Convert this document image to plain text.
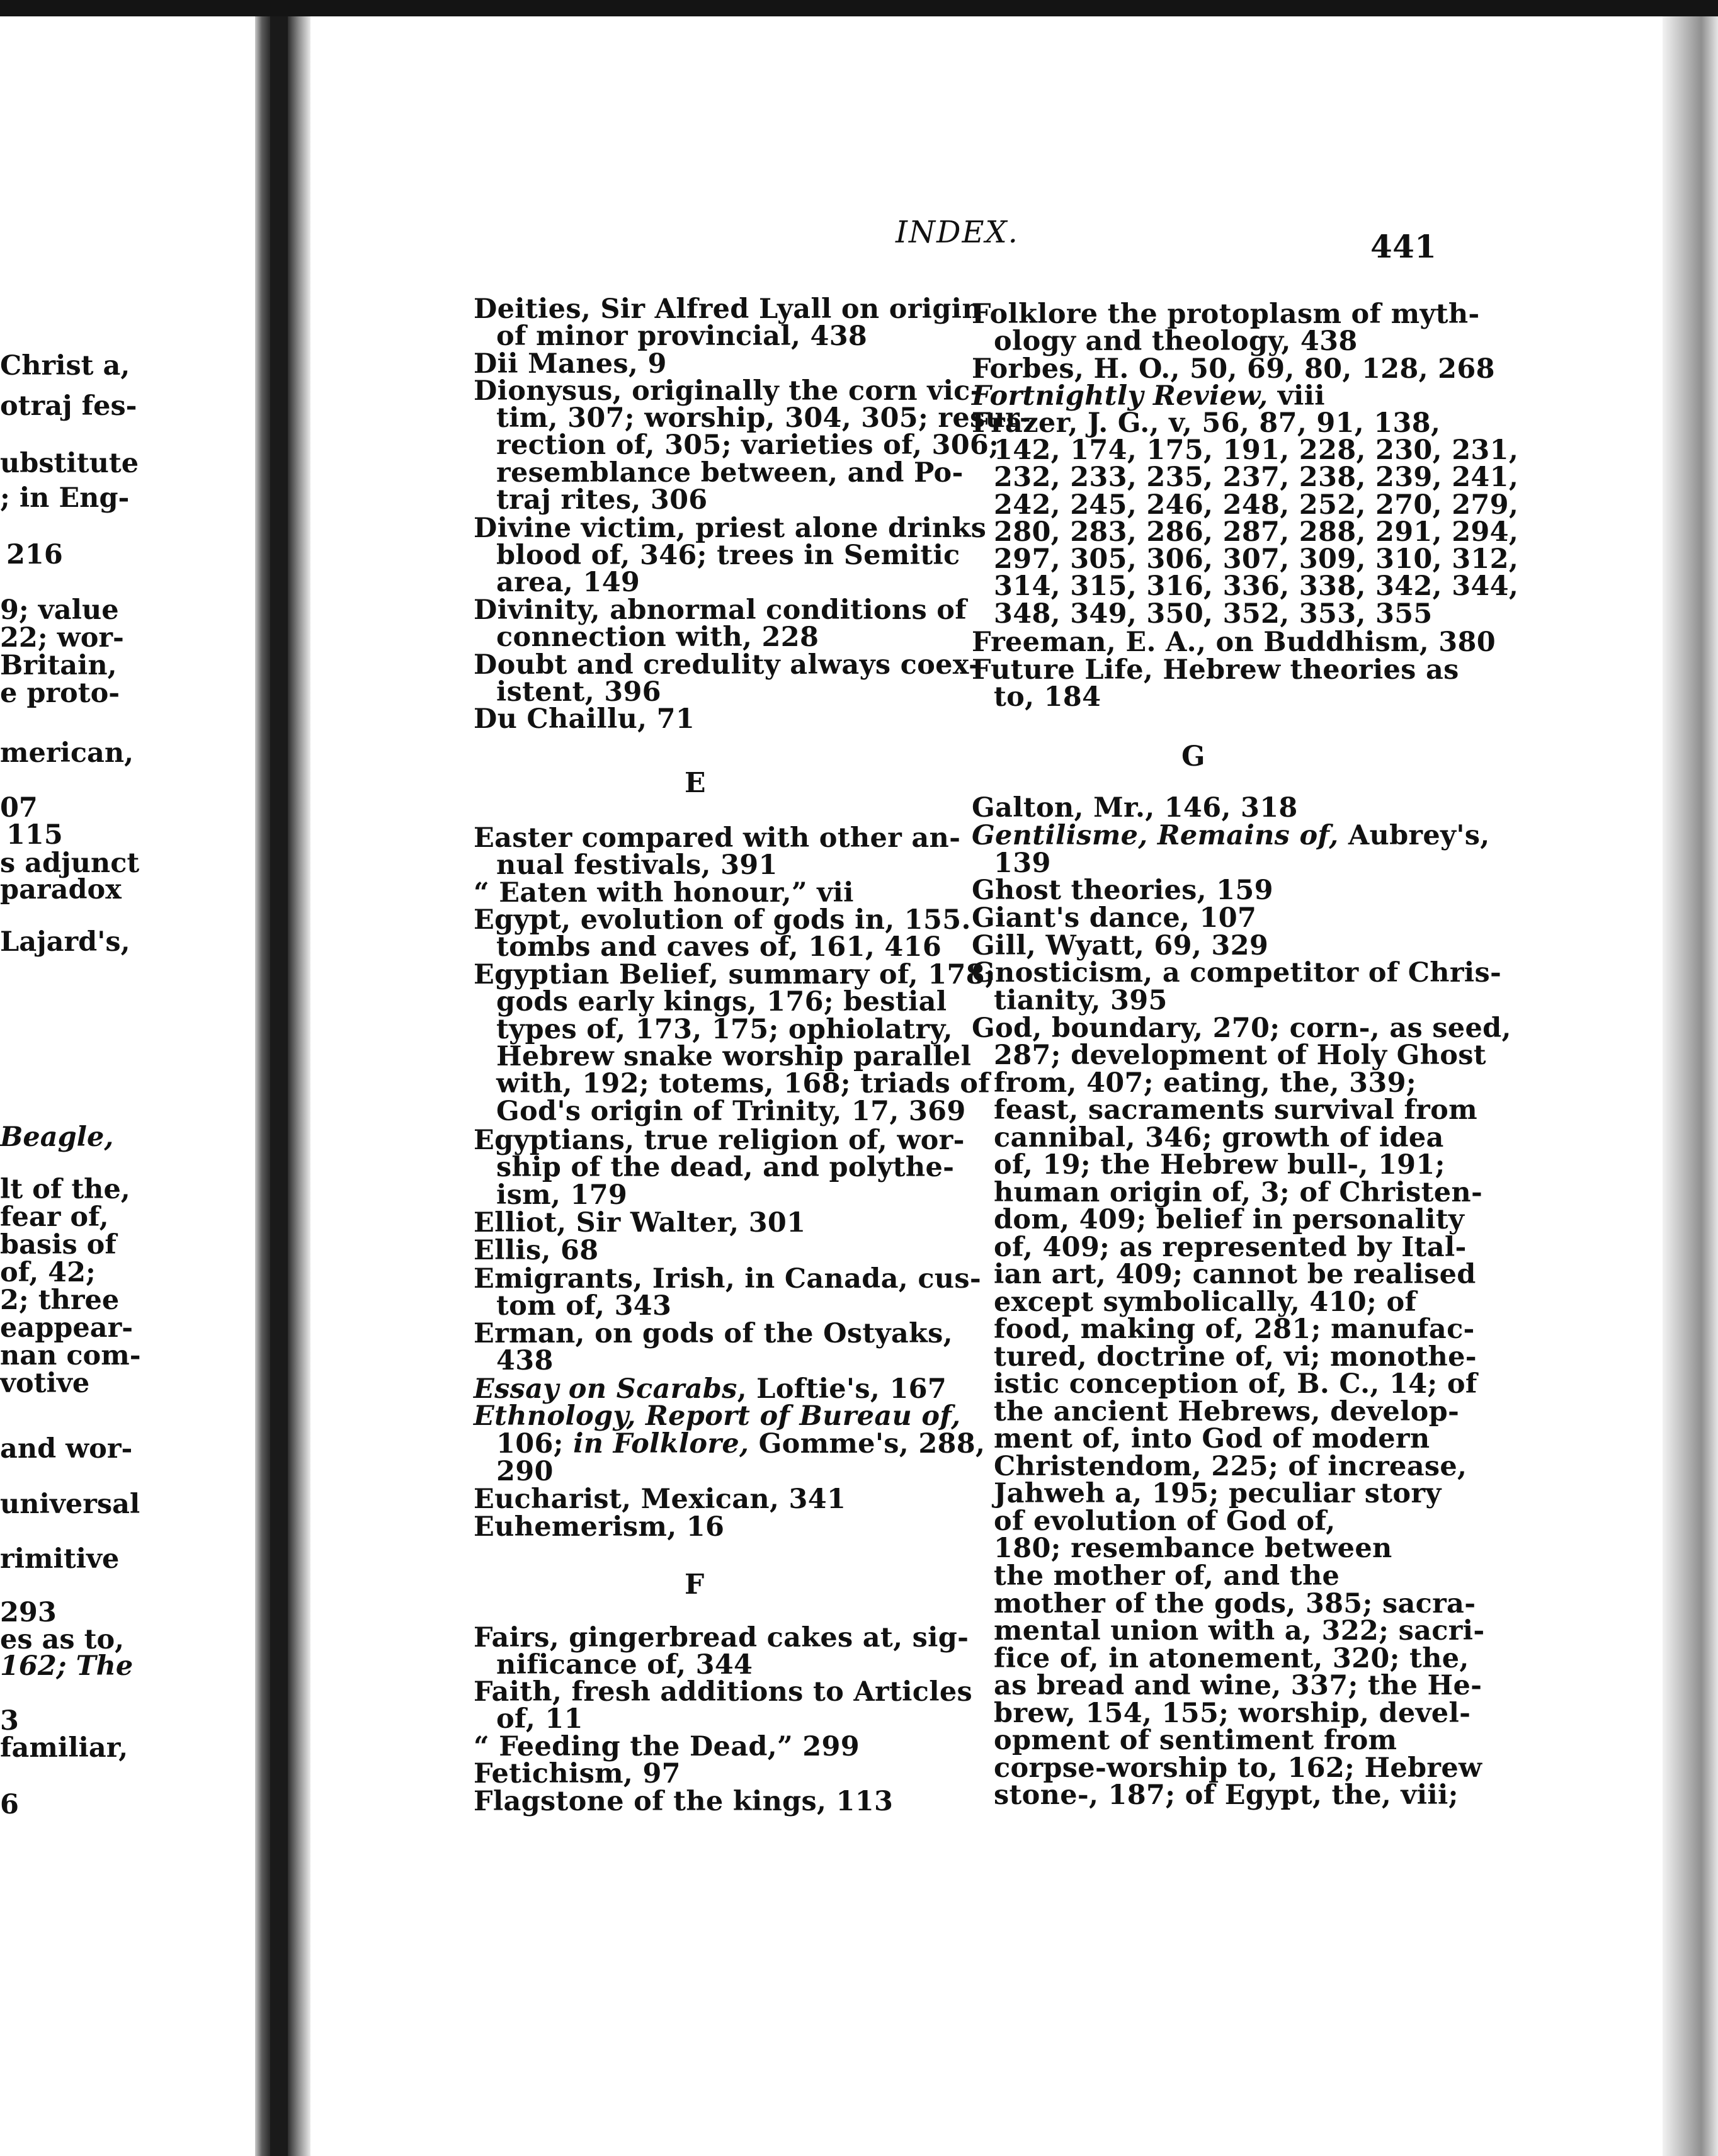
Christ a,
otraj fes-
ubstitute
; in Eng-
216
9; value
22; wor-
Britain,
e proto-
merican,
07
115
s adjunct
paradox
Lajard's,
Beagle,
lt of the,
fear of,
basis of
of, 42;
2; three
eappear-
nan com-
votive
and wor-
universal
rimitive
293
es as to,
162; The
3
familiar,
6
INDEX.	441
Deities, Sir Alfred Lyall on origin
of minor provincial, 438
Dii Manes, 9
Dionysus, originally the corn vic-
tim, 307; worship, 304, 305; resur-
rection of, 305; varieties of, 306;
resemblance between, and Po-
traj rites, 306
Divine victim, priest alone drinks
blood of, 346; trees in Semitic
area, 149
Divinity, abnormal conditions of
connection with, 228
Doubt and credulity always coex-
istent, 396
Du Chaillu, 71
E
Easter compared with other an-
nual festivals, 391
“ Eaten with honour,” vii
Egypt, evolution of gods in, 155.
tombs and caves of, 161, 416
Egyptian Belief, summary of, 178;
gods early kings, 176; bestial
types of, 173, 175; ophiolatry,
Hebrew snake worship parallel
with, 192; totems, 168; triads of
God's origin of Trinity, 17, 369
Egyptians, true religion of, wor-
ship of the dead, and polythe-
ism, 179
Elliot, Sir Walter, 301
Ellis, 68
Emigrants, Irish, in Canada, cus-
tom of, 343
Erman, on gods of the Ostyaks,
438
Essay on Scarabs, Loftie's, 167
Ethnology, Report of Bureau of,
106; in Folklore, Gomme's, 288,
290
Eucharist, Mexican, 341
Euhemerism, 16
F
Fairs, gingerbread cakes at, sig-
nificance of, 344
Faith, fresh additions to Articles
of, 11
“ Feeding the Dead,” 299
Fetichism, 97
Flagstone of the kings, 113
Folklore the protoplasm of myth-
ology and theology, 438
Forbes, H. O., 50, 69, 80, 128, 268
Fortnightly Review, viii
Frazer, J. G., v, 56, 87, 91, 138,
142, 174, 175, 191, 228, 230, 231,
232, 233, 235, 237, 238, 239, 241,
242, 245, 246, 248, 252, 270, 279,
280, 283, 286, 287, 288, 291, 294,
297, 305, 306, 307, 309, 310, 312,
314, 315, 316, 336, 338, 342, 344,
348, 349, 350, 352, 353, 355
Freeman, E. A., on Buddhism, 380
Future Life, Hebrew theories as
to, 184
G
Galton, Mr., 146, 318
Gentilisme, Remains of, Aubrey's,
139
Ghost theories, 159
Giant's dance, 107
Gill, Wyatt, 69, 329
Gnosticism, a competitor of Chris-
tianity, 395
God, boundary, 270; corn-, as seed,
287; development of Holy Ghost
from, 407; eating, the, 339;
feast, sacraments survival from
cannibal, 346; growth of idea
of, 19; the Hebrew bull-, 191;
human origin of, 3; of Christen-
dom, 409; belief in personality
of, 409; as represented by Ital-
ian art, 409; cannot be realised
except symbolically, 410; of
food, making of, 281; manufac-
tured, doctrine of, vi; monothe-
istic conception of, B. C., 14; of
the ancient Hebrews, develop-
ment of, into God of modern
Christendom, 225; of increase,
Jahweh a, 195; peculiar story
of evolution of God of,
180; resembance between
the mother of, and the
mother of the gods, 385; sacra-
mental union with a, 322; sacri-
fice of, in atonement, 320; the,
as bread and wine, 337; the He-
brew, 154, 155; worship, devel-
opment of sentiment from
corpse-worship to, 162; Hebrew
stone-, 187; of Egypt, the, viii;
